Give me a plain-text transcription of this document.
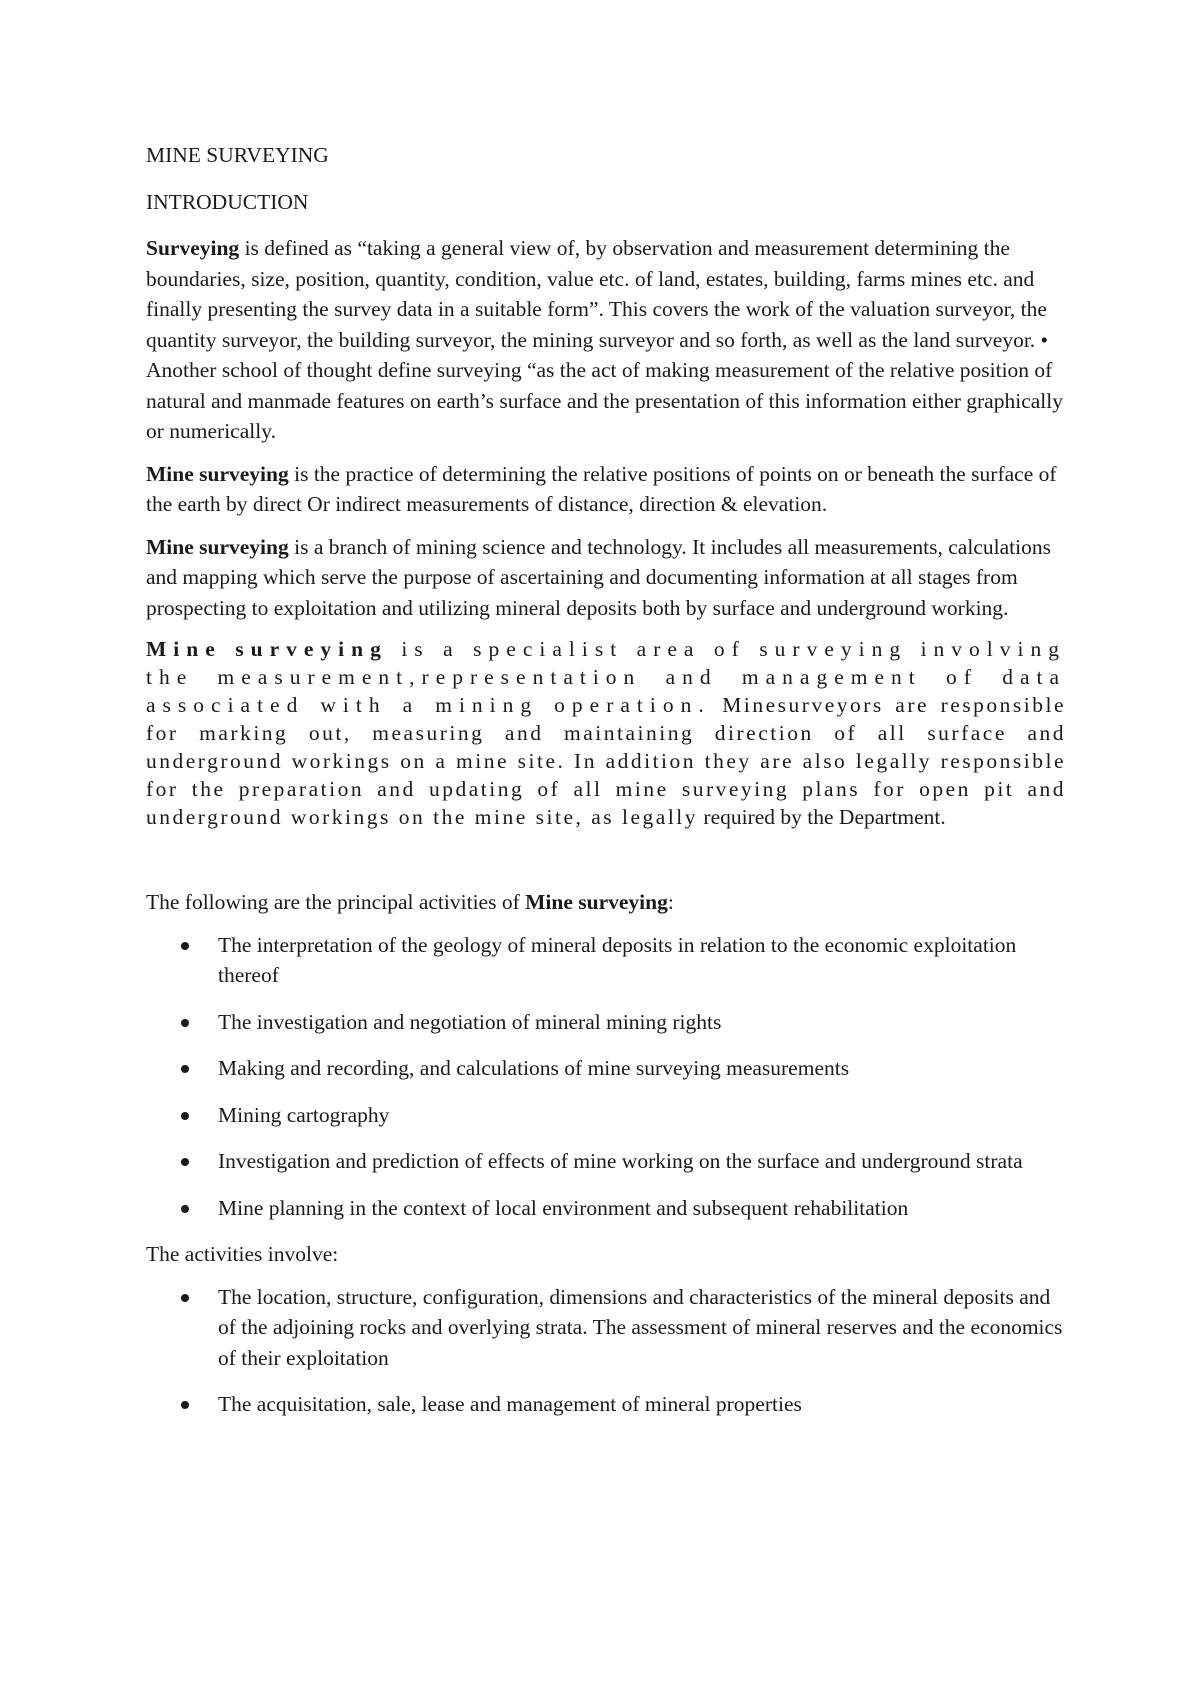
MINE SURVEYING
INTRODUCTION

Surveying is defined as “taking a general view of, by observation and measurement determining the boundaries, size, position, quantity, condition, value etc. of land, estates, building, farms mines etc. and finally presenting the survey data in a suitable form”. This covers the work of the valuation surveyor, the quantity surveyor, the building surveyor, the mining surveyor and so forth, as well as the land surveyor. • Another school of thought define surveying “as the act of making measurement of the relative position of natural and manmade features on earth’s surface and the presentation of this information either graphically or numerically.

Mine surveying is the practice of determining the relative positions of points on or beneath the surface of the earth by direct Or indirect measurements of distance, direction & elevation.

Mine surveying is a branch of mining science and technology. It includes all measurements, calculations and mapping which serve the purpose of ascertaining and documenting information at all stages from prospecting to exploitation and utilizing mineral deposits both by surface and underground working.

Mine surveying is a specialist area of surveying involving the measurement,representation and management of data associated with a mining operation. Minesurveyors are responsible for marking out, measuring and maintaining direction of all surface and underground workings on a mine site. In addition they are also legally responsible for the preparation and updating of all mine surveying plans for open pit and underground workings on the mine site, as legally required by the Department.

The following are the principal activities of Mine surveying:

The interpretation of the geology of mineral deposits in relation to the economic exploitation thereof
The investigation and negotiation of mineral mining rights
Making and recording, and calculations of mine surveying measurements
Mining cartography
Investigation and prediction of effects of mine working on the surface and underground strata
Mine planning in the context of local environment and subsequent rehabilitation

The activities involve:

The location, structure, configuration, dimensions and characteristics of the mineral deposits and of the adjoining rocks and overlying strata. The assessment of mineral reserves and the economics of their exploitation
The acquisitation, sale, lease and management of mineral properties
